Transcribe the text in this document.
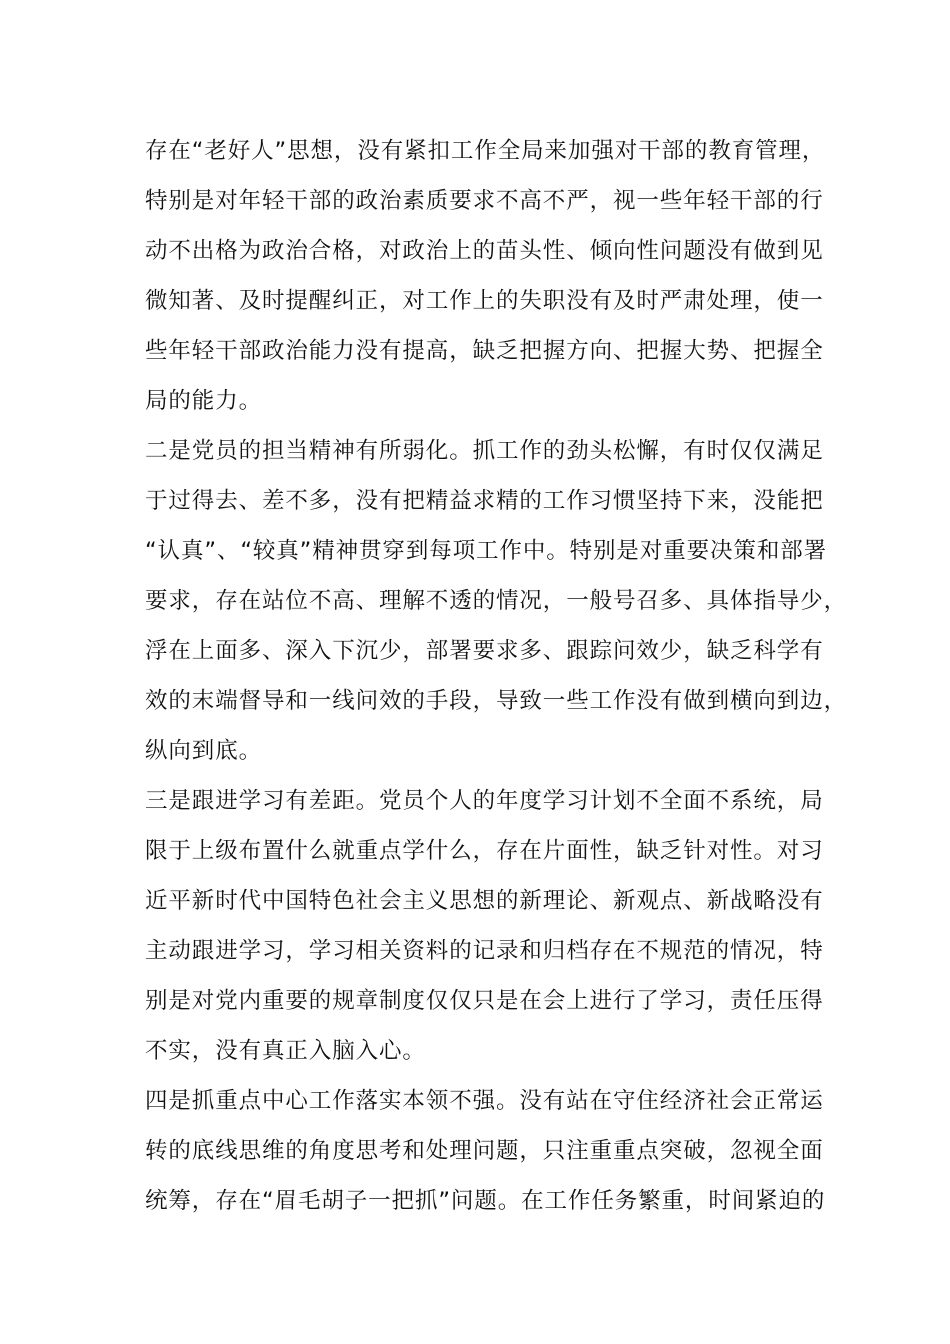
存在“老好人”思想，没有紧扣工作全局来加强对干部的教育管理，
特别是对年轻干部的政治素质要求不高不严，视一些年轻干部的行
动不出格为政治合格，对政治上的苗头性、倾向性问题没有做到见
微知著、及时提醒纠正，对工作上的失职没有及时严肃处理，使一
些年轻干部政治能力没有提高，缺乏把握方向、把握大势、把握全
局的能力。
二是党员的担当精神有所弱化。抓工作的劲头松懈，有时仅仅满足
于过得去、差不多，没有把精益求精的工作习惯坚持下来，没能把
“认真”、“较真”精神贯穿到每项工作中。特别是对重要决策和部署
要求，存在站位不高、理解不透的情况，一般号召多、具体指导少，
浮在上面多、深入下沉少，部署要求多、跟踪问效少，缺乏科学有
效的末端督导和一线问效的手段，导致一些工作没有做到横向到边，
纵向到底。
三是跟进学习有差距。党员个人的年度学习计划不全面不系统，局
限于上级布置什么就重点学什么，存在片面性，缺乏针对性。对习
近平新时代中国特色社会主义思想的新理论、新观点、新战略没有
主动跟进学习，学习相关资料的记录和归档存在不规范的情况，特
别是对党内重要的规章制度仅仅只是在会上进行了学习，责任压得
不实，没有真正入脑入心。
四是抓重点中心工作落实本领不强。没有站在守住经济社会正常运
转的底线思维的角度思考和处理问题，只注重重点突破，忽视全面
统筹，存在“眉毛胡子一把抓”问题。在工作任务繁重，时间紧迫的
